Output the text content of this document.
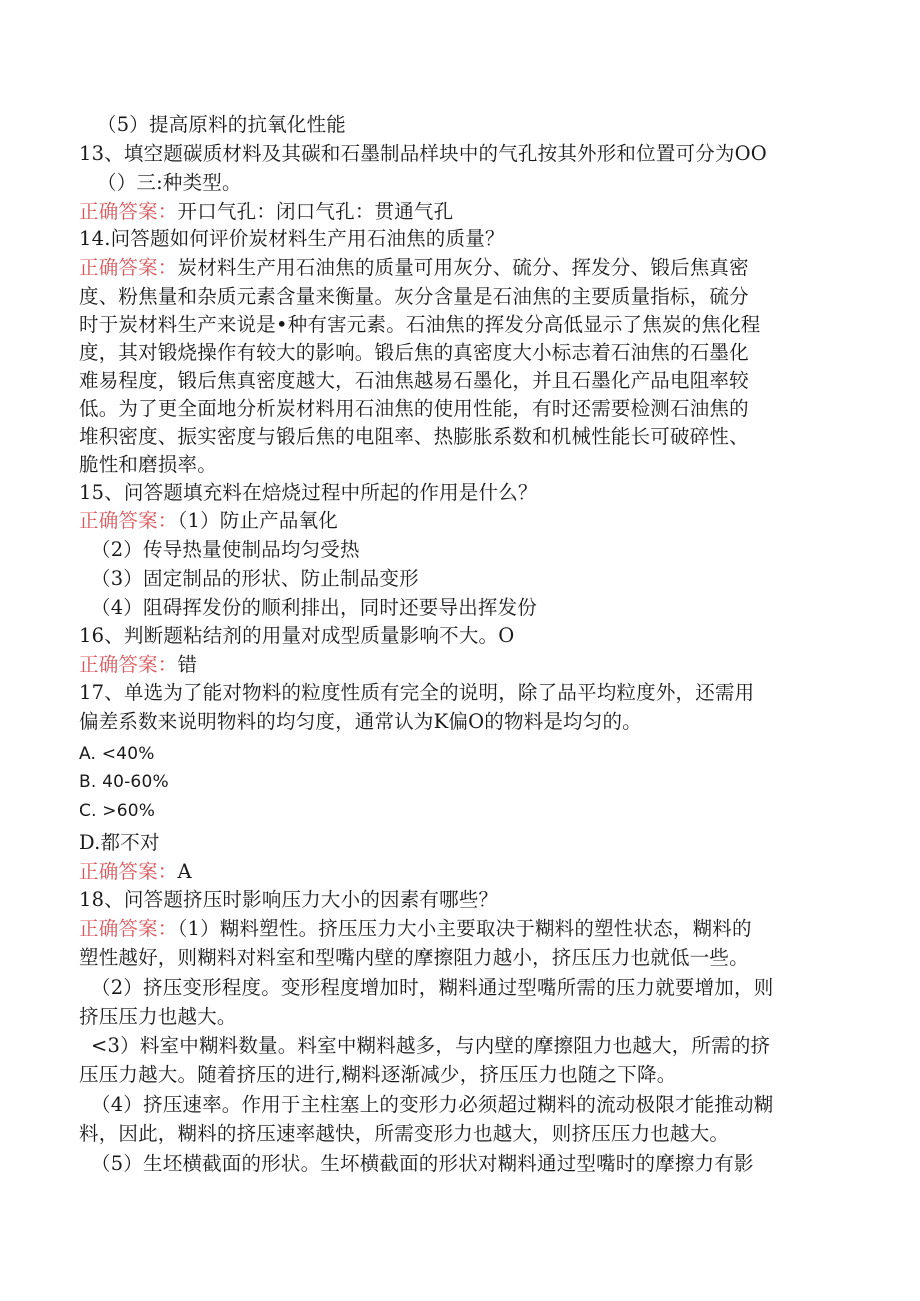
（5）提高原料的抗氧化性能
13、填空题碳质材料及其碳和石墨制品样块中的气孔按其外形和位置可分为OO
（）三:种类型。
正确答案：开口气孔：闭口气孔：贯通气孔
14.问答题如何评价炭材料生产用石油焦的质量？
正确答案：炭材料生产用石油焦的质量可用灰分、硫分、挥发分、锻后焦真密
度、粉焦量和杂质元素含量来衡量。灰分含量是石油焦的主要质量指标，硫分
时于炭材料生产来说是•种有害元素。石油焦的挥发分高低显示了焦炭的焦化程
度，其对锻烧操作有较大的影响。锻后焦的真密度大小标志着石油焦的石墨化
难易程度，锻后焦真密度越大，石油焦越易石墨化，并且石墨化产品电阻率较
低。为了更全面地分析炭材料用石油焦的使用性能，有时还需要检测石油焦的
堆积密度、振实密度与锻后焦的电阻率、热膨胀系数和机械性能长可破碎性、
脆性和磨损率。
15、问答题填充料在焙烧过程中所起的作用是什么？
正确答案：（1）防止产品氧化
（2）传导热量使制品均匀受热
（3）固定制品的形状、防止制品变形
（4）阻碍挥发份的顺利排出，同时还要导出挥发份
16、判断题粘结剂的用量对成型质量影响不大。O
正确答案：错
17、单选为了能对物料的粒度性质有完全的说明，除了品平均粒度外，还需用
偏差系数来说明物料的均匀度，通常认为K偏O的物料是均匀的。
A. <40%
B. 40-60%
C. >60%
D.都不对
正确答案：A
18、问答题挤压时影响压力大小的因素有哪些？
正确答案：（1）糊料塑性。挤压压力大小主要取决于糊料的塑性状态，糊料的
塑性越好，则糊料对料室和型嘴内壁的摩擦阻力越小，挤压压力也就低一些。
（2）挤压变形程度。变形程度增加时，糊料通过型嘴所需的压力就要增加，则
挤压压力也越大。
<3）料室中糊料数量。料室中糊料越多，与内壁的摩擦阻力也越大，所需的挤
压压力越大。随着挤压的进行,糊料逐渐减少，挤压压力也随之下降。
（4）挤压速率。作用于主柱塞上的变形力必须超过糊料的流动极限才能推动糊
料，因此，糊料的挤压速率越快，所需变形力也越大，则挤压压力也越大。
（5）生坯横截面的形状。生坏横截面的形状对糊料通过型嘴时的摩擦力有影
